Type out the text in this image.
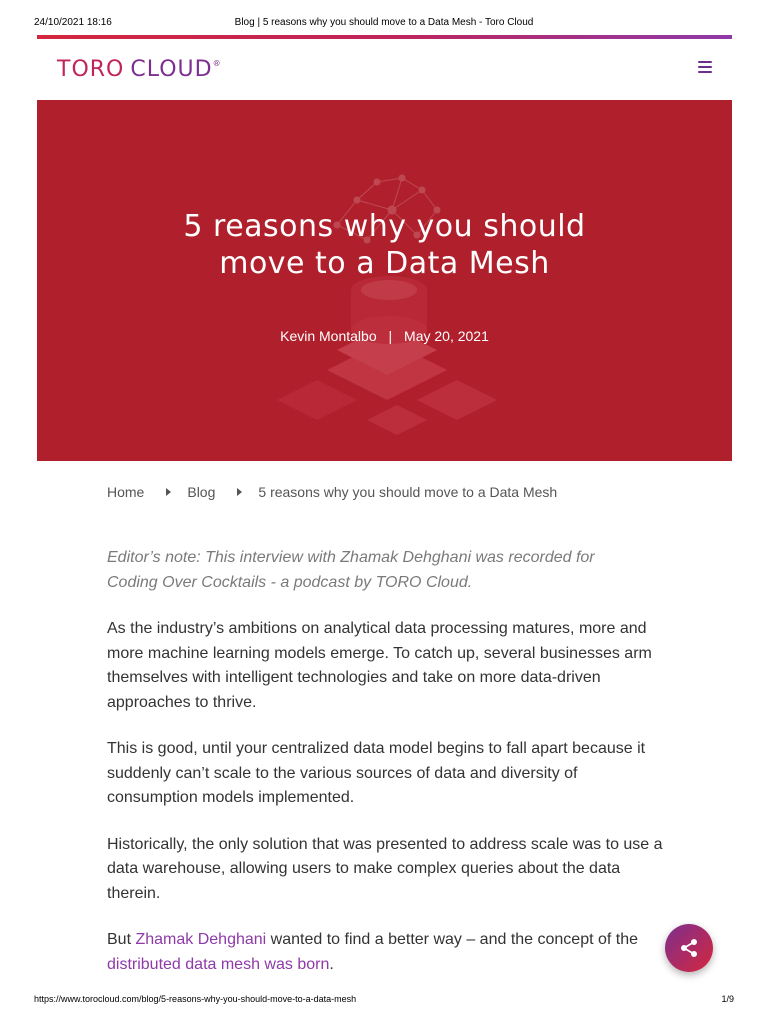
24/10/2021 18:16	Blog | 5 reasons why you should move to a Data Mesh - Toro Cloud
TORO CLOUD ®
5 reasons why you should
move to a Data Mesh
Kevin Montalbo | May 20, 2021
Home	Blog	5 reasons why you should move to a Data Mesh

Editor’s note: This interview with Zhamak Dehghani was recorded for
Coding Over Cocktails - a podcast by TORO Cloud.

As the industry’s ambitions on analytical data processing matures, more and more machine learning models emerge. To catch up, several businesses arm themselves with intelligent technologies and take on more data-driven approaches to thrive.

This is good, until your centralized data model begins to fall apart because it suddenly can’t scale to the various sources of data and diversity of consumption models implemented.

Historically, the only solution that was presented to address scale was to use a data warehouse, allowing users to make complex queries about the data therein.

But Zhamak Dehghani wanted to find a better way – and the concept of the distributed data mesh was born.

https://www.torocloud.com/blog/5-reasons-why-you-should-move-to-a-data-mesh	1/9
